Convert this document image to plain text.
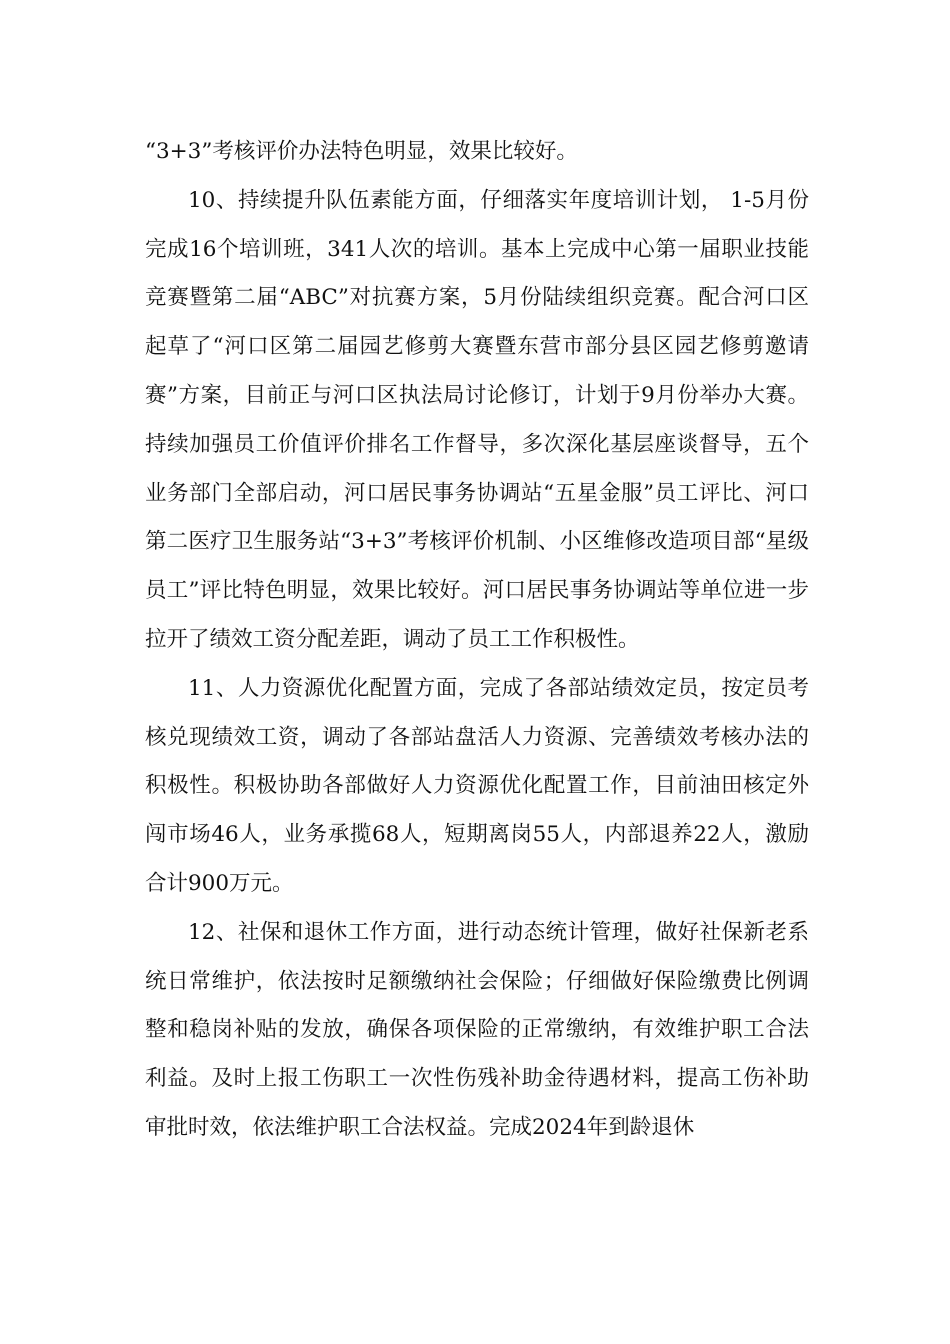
“3+3”考核评价办法特色明显，效果比较好。

10、持续提升队伍素能方面，仔细落实年度培训计划， 1-5月份完成16个培训班，341人次的培训。基本上完成中心第一届职业技能竞赛暨第二届“ABC”对抗赛方案，5月份陆续组织竞赛。配合河口区起草了“河口区第二届园艺修剪大赛暨东营市部分县区园艺修剪邀请赛”方案，目前正与河口区执法局讨论修订，计划于9月份举办大赛。持续加强员工价值评价排名工作督导，多次深化基层座谈督导，五个业务部门全部启动，河口居民事务协调站“五星金服”员工评比、河口第二医疗卫生服务站“3+3”考核评价机制、小区维修改造项目部“星级员工”评比特色明显，效果比较好。河口居民事务协调站等单位进一步拉开了绩效工资分配差距，调动了员工工作积极性。

11、人力资源优化配置方面，完成了各部站绩效定员，按定员考核兑现绩效工资，调动了各部站盘活人力资源、完善绩效考核办法的积极性。积极协助各部做好人力资源优化配置工作，目前油田核定外闯市场46人，业务承揽68人，短期离岗55人，内部退养22人，激励合计900万元。

12、社保和退休工作方面，进行动态统计管理，做好社保新老系统日常维护，依法按时足额缴纳社会保险；仔细做好保险缴费比例调整和稳岗补贴的发放，确保各项保险的正常缴纳，有效维护职工合法利益。及时上报工伤职工一次性伤残补助金待遇材料，提高工伤补助审批时效，依法维护职工合法权益。完成2024年到龄退休
